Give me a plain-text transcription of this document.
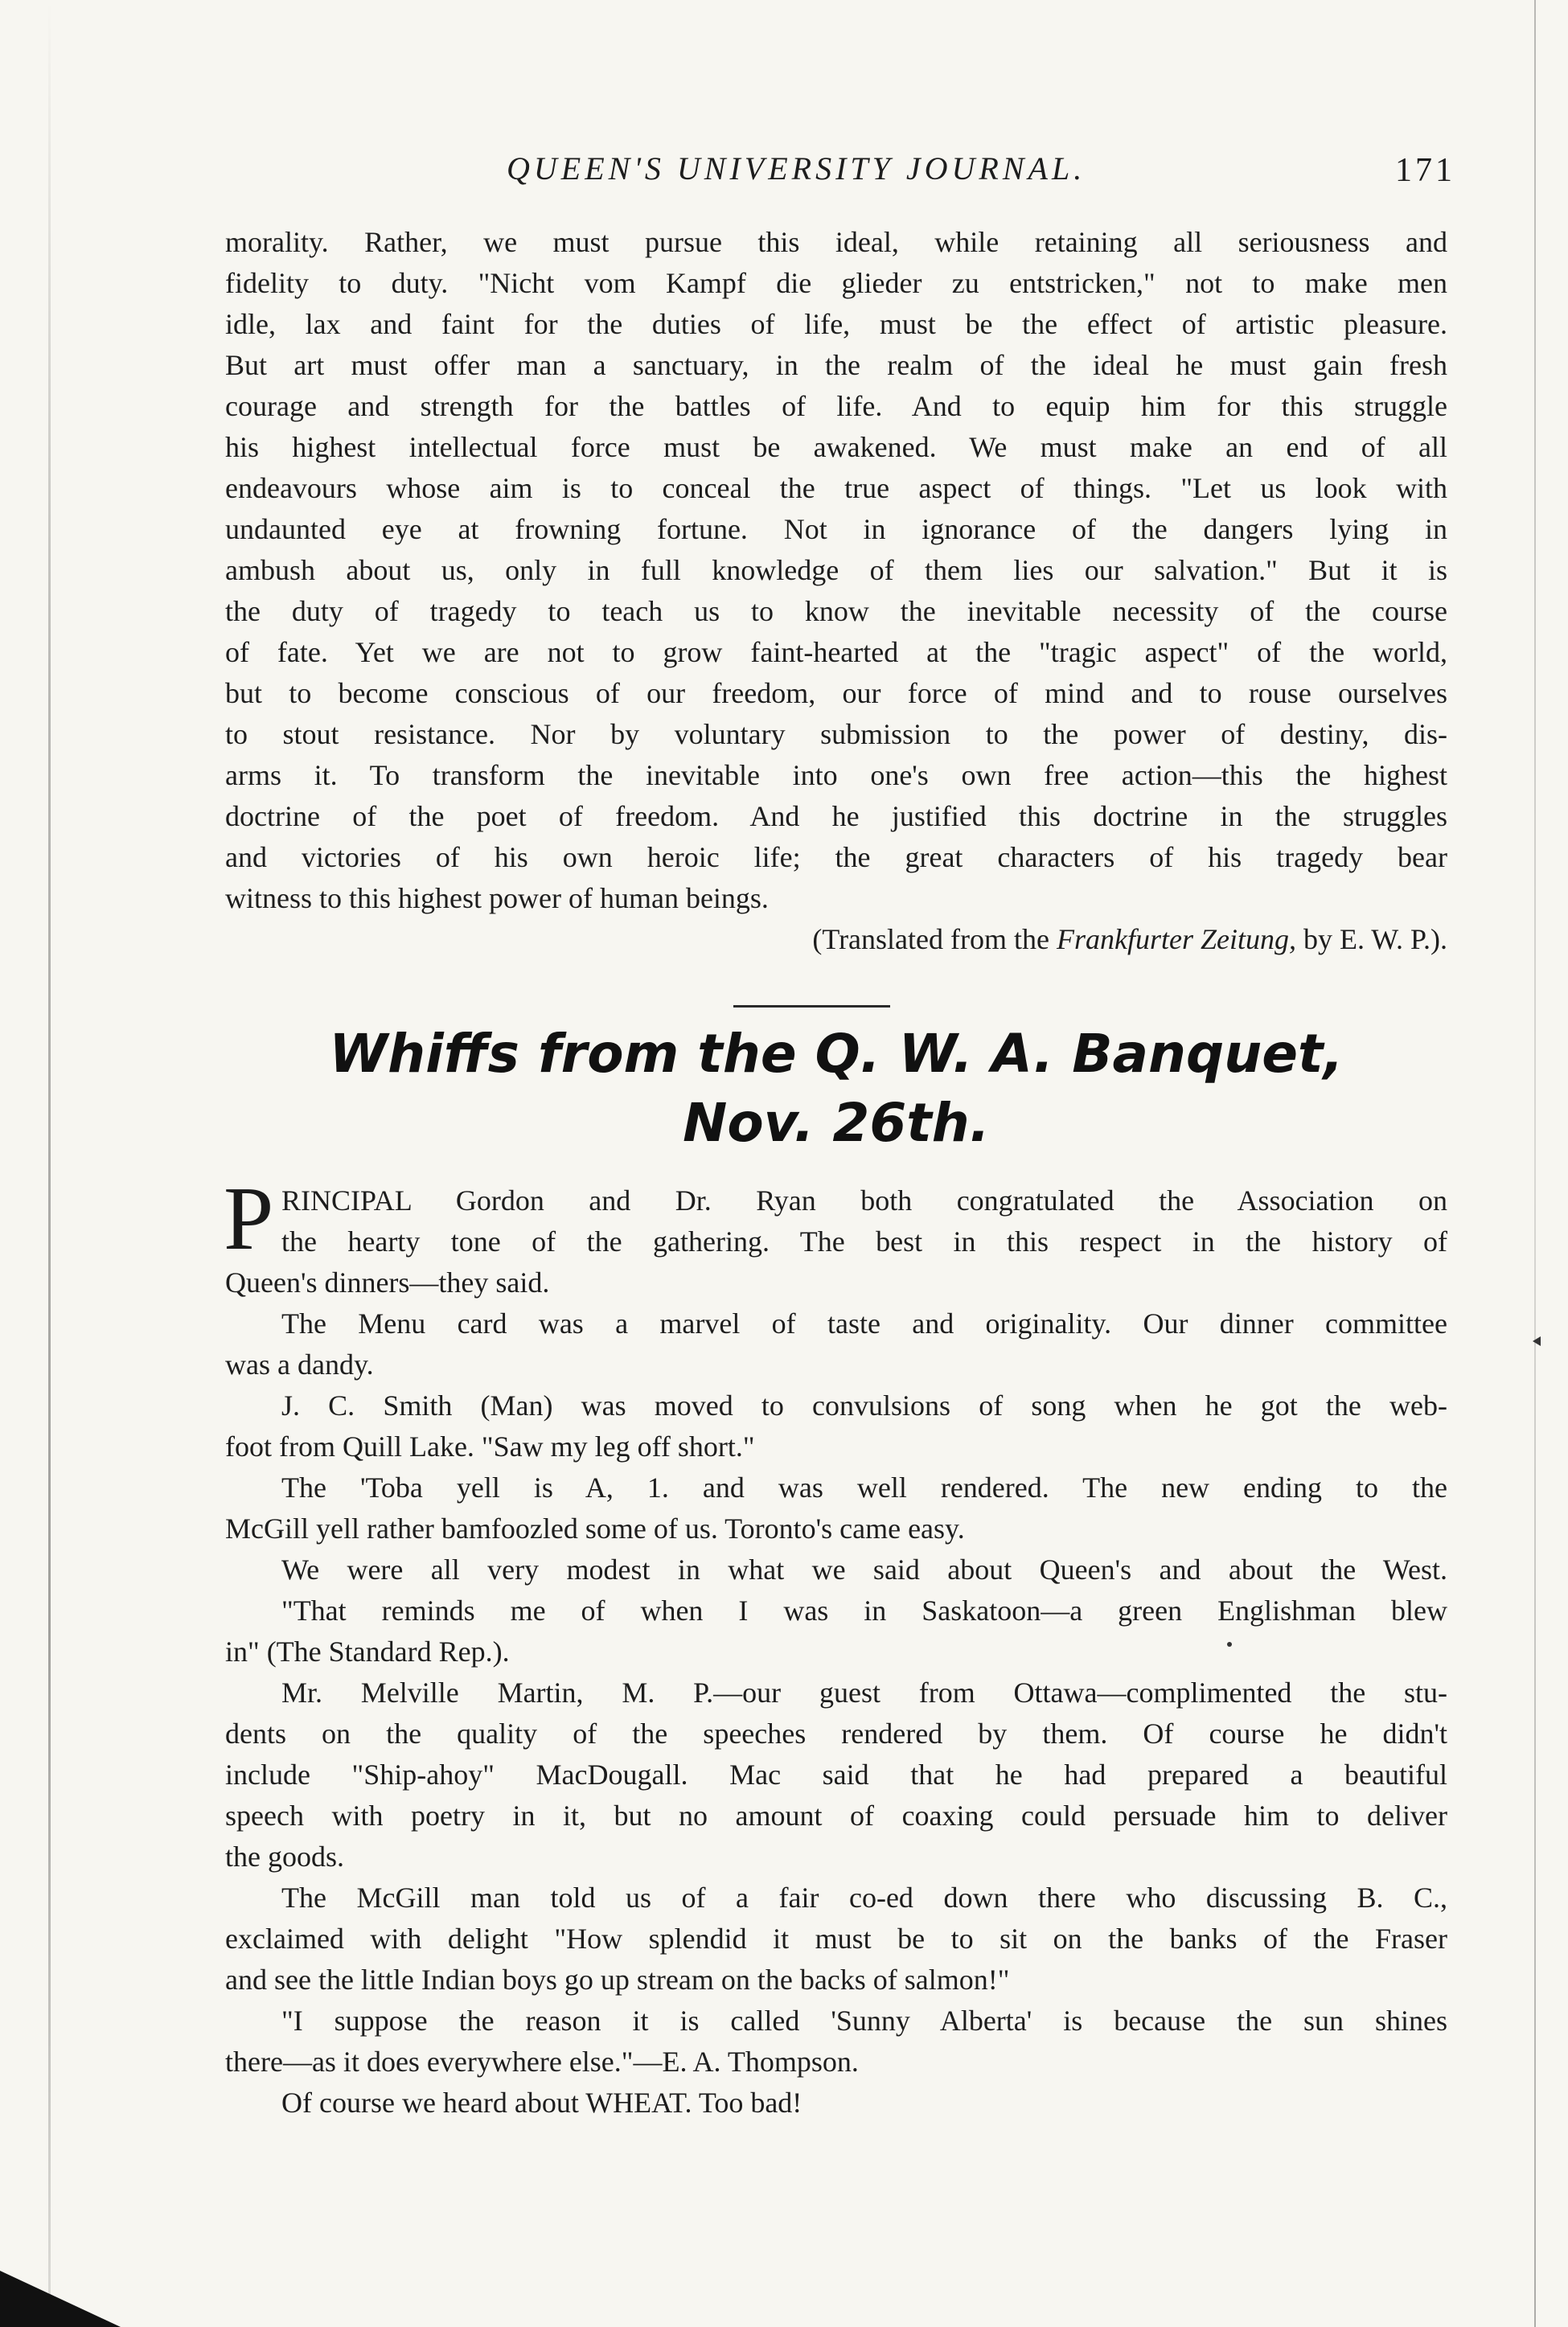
QUEEN'S UNIVERSITY JOURNAL.	171
morality. Rather, we must pursue this ideal, while retaining all seriousness and
fidelity to duty. "Nicht vom Kampf die glieder zu entstricken," not to make men
idle, lax and faint for the duties of life, must be the effect of artistic pleasure.
But art must offer man a sanctuary, in the realm of the ideal he must gain fresh
courage and strength for the battles of life. And to equip him for this struggle
his highest intellectual force must be awakened. We must make an end of all
endeavours whose aim is to conceal the true aspect of things. "Let us look with
undaunted eye at frowning fortune. Not in ignorance of the dangers lying in
ambush about us, only in full knowledge of them lies our salvation." But it is
the duty of tragedy to teach us to know the inevitable necessity of the course
of fate. Yet we are not to grow faint-hearted at the "tragic aspect" of the world,
but to become conscious of our freedom, our force of mind and to rouse ourselves
to stout resistance. Nor by voluntary submission to the power of destiny, dis-
arms it. To transform the inevitable into one's own free action—this the highest
doctrine of the poet of freedom. And he justified this doctrine in the struggles
and victories of his own heroic life; the great characters of his tragedy bear
witness to this highest power of human beings.
(Translated from the Frankfurter Zeitung, by E. W. P.).
Whiffs from the Q. W. A. Banquet,
Nov. 26th.
P RINCIPAL Gordon and Dr. Ryan both congratulated the Association on
the hearty tone of the gathering. The best in this respect in the history of
Queen's dinners—they said.
The Menu card was a marvel of taste and originality. Our dinner committee
was a dandy.
J. C. Smith (Man) was moved to convulsions of song when he got the web-
foot from Quill Lake. "Saw my leg off short."
The 'Toba yell is A, 1. and was well rendered. The new ending to the
McGill yell rather bamfoozled some of us. Toronto's came easy.
We were all very modest in what we said about Queen's and about the West.
"That reminds me of when I was in Saskatoon—a green Englishman blew
in" (The Standard Rep.).
Mr. Melville Martin, M. P.—our guest from Ottawa—complimented the stu-
dents on the quality of the speeches rendered by them. Of course he didn't
include "Ship-ahoy" MacDougall. Mac said that he had prepared a beautiful
speech with poetry in it, but no amount of coaxing could persuade him to deliver
the goods.
The McGill man told us of a fair co-ed down there who discussing B. C.,
exclaimed with delight "How splendid it must be to sit on the banks of the Fraser
and see the little Indian boys go up stream on the backs of salmon!"
"I suppose the reason it is called 'Sunny Alberta' is because the sun shines
there—as it does everywhere else."—E. A. Thompson.
Of course we heard about WHEAT. Too bad!
